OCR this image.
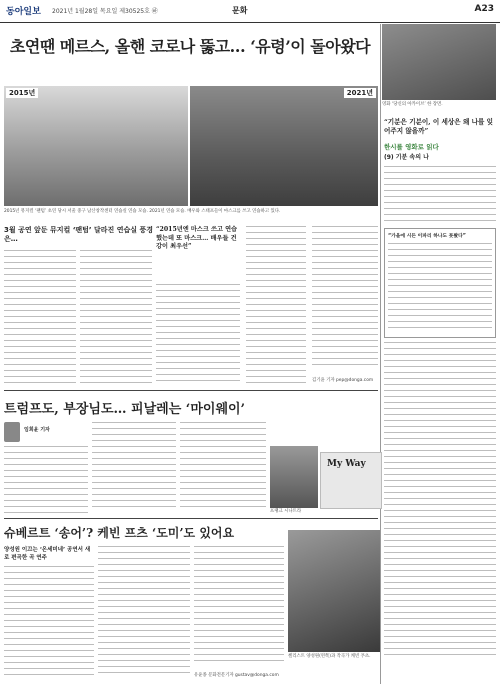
동아일보 2021년 1월28일 목요일 제30525호 ㉻	문화	A23
초연땐 메르스, 올핸 코로나 뚫고… ‘유령’이 돌아왔다
2015년	2021년
2015년 뮤지컬 ‘팬텀’ 초연 당시 서울 중구 남산창작센터 연습실 연습 모습. 2021년 연습 모습. 배우와 스태프들이 마스크를 쓰고 연습하고 있다.
3월 공연 앞둔 뮤지컬 ‘팬텀’ 달라진 연습실 풍경은…
“2015년엔 마스크 쓰고 연습했는데 또 마스크… 배우들 건강이 최우선”
김기윤 기자 pep@donga.com
영화 ‘당신의 아카이브’ 한 장면.
“기분은 기분이, 이 세상은 왜 나를 잊어주지 않을까”
한시를 영화로 읽다
(9) 기분 속의 나
“가을에 시든 이파리 하나도 못봤다”
트럼프도, 부장님도… 피날레는 ‘마이웨이’
임희윤 기자
프랭크 시나트라
My Way
슈베르트 ‘송어’? 케빈 프츠 ‘도미’도 있어요
양성원 이끄는 ‘온세미네’ 공연서 새로 편곡한 곡 연주
유윤종 문화전문기자 gustav@donga.com
첼리스트 양성원(왼쪽)과 작곡가 케빈 푸츠.
